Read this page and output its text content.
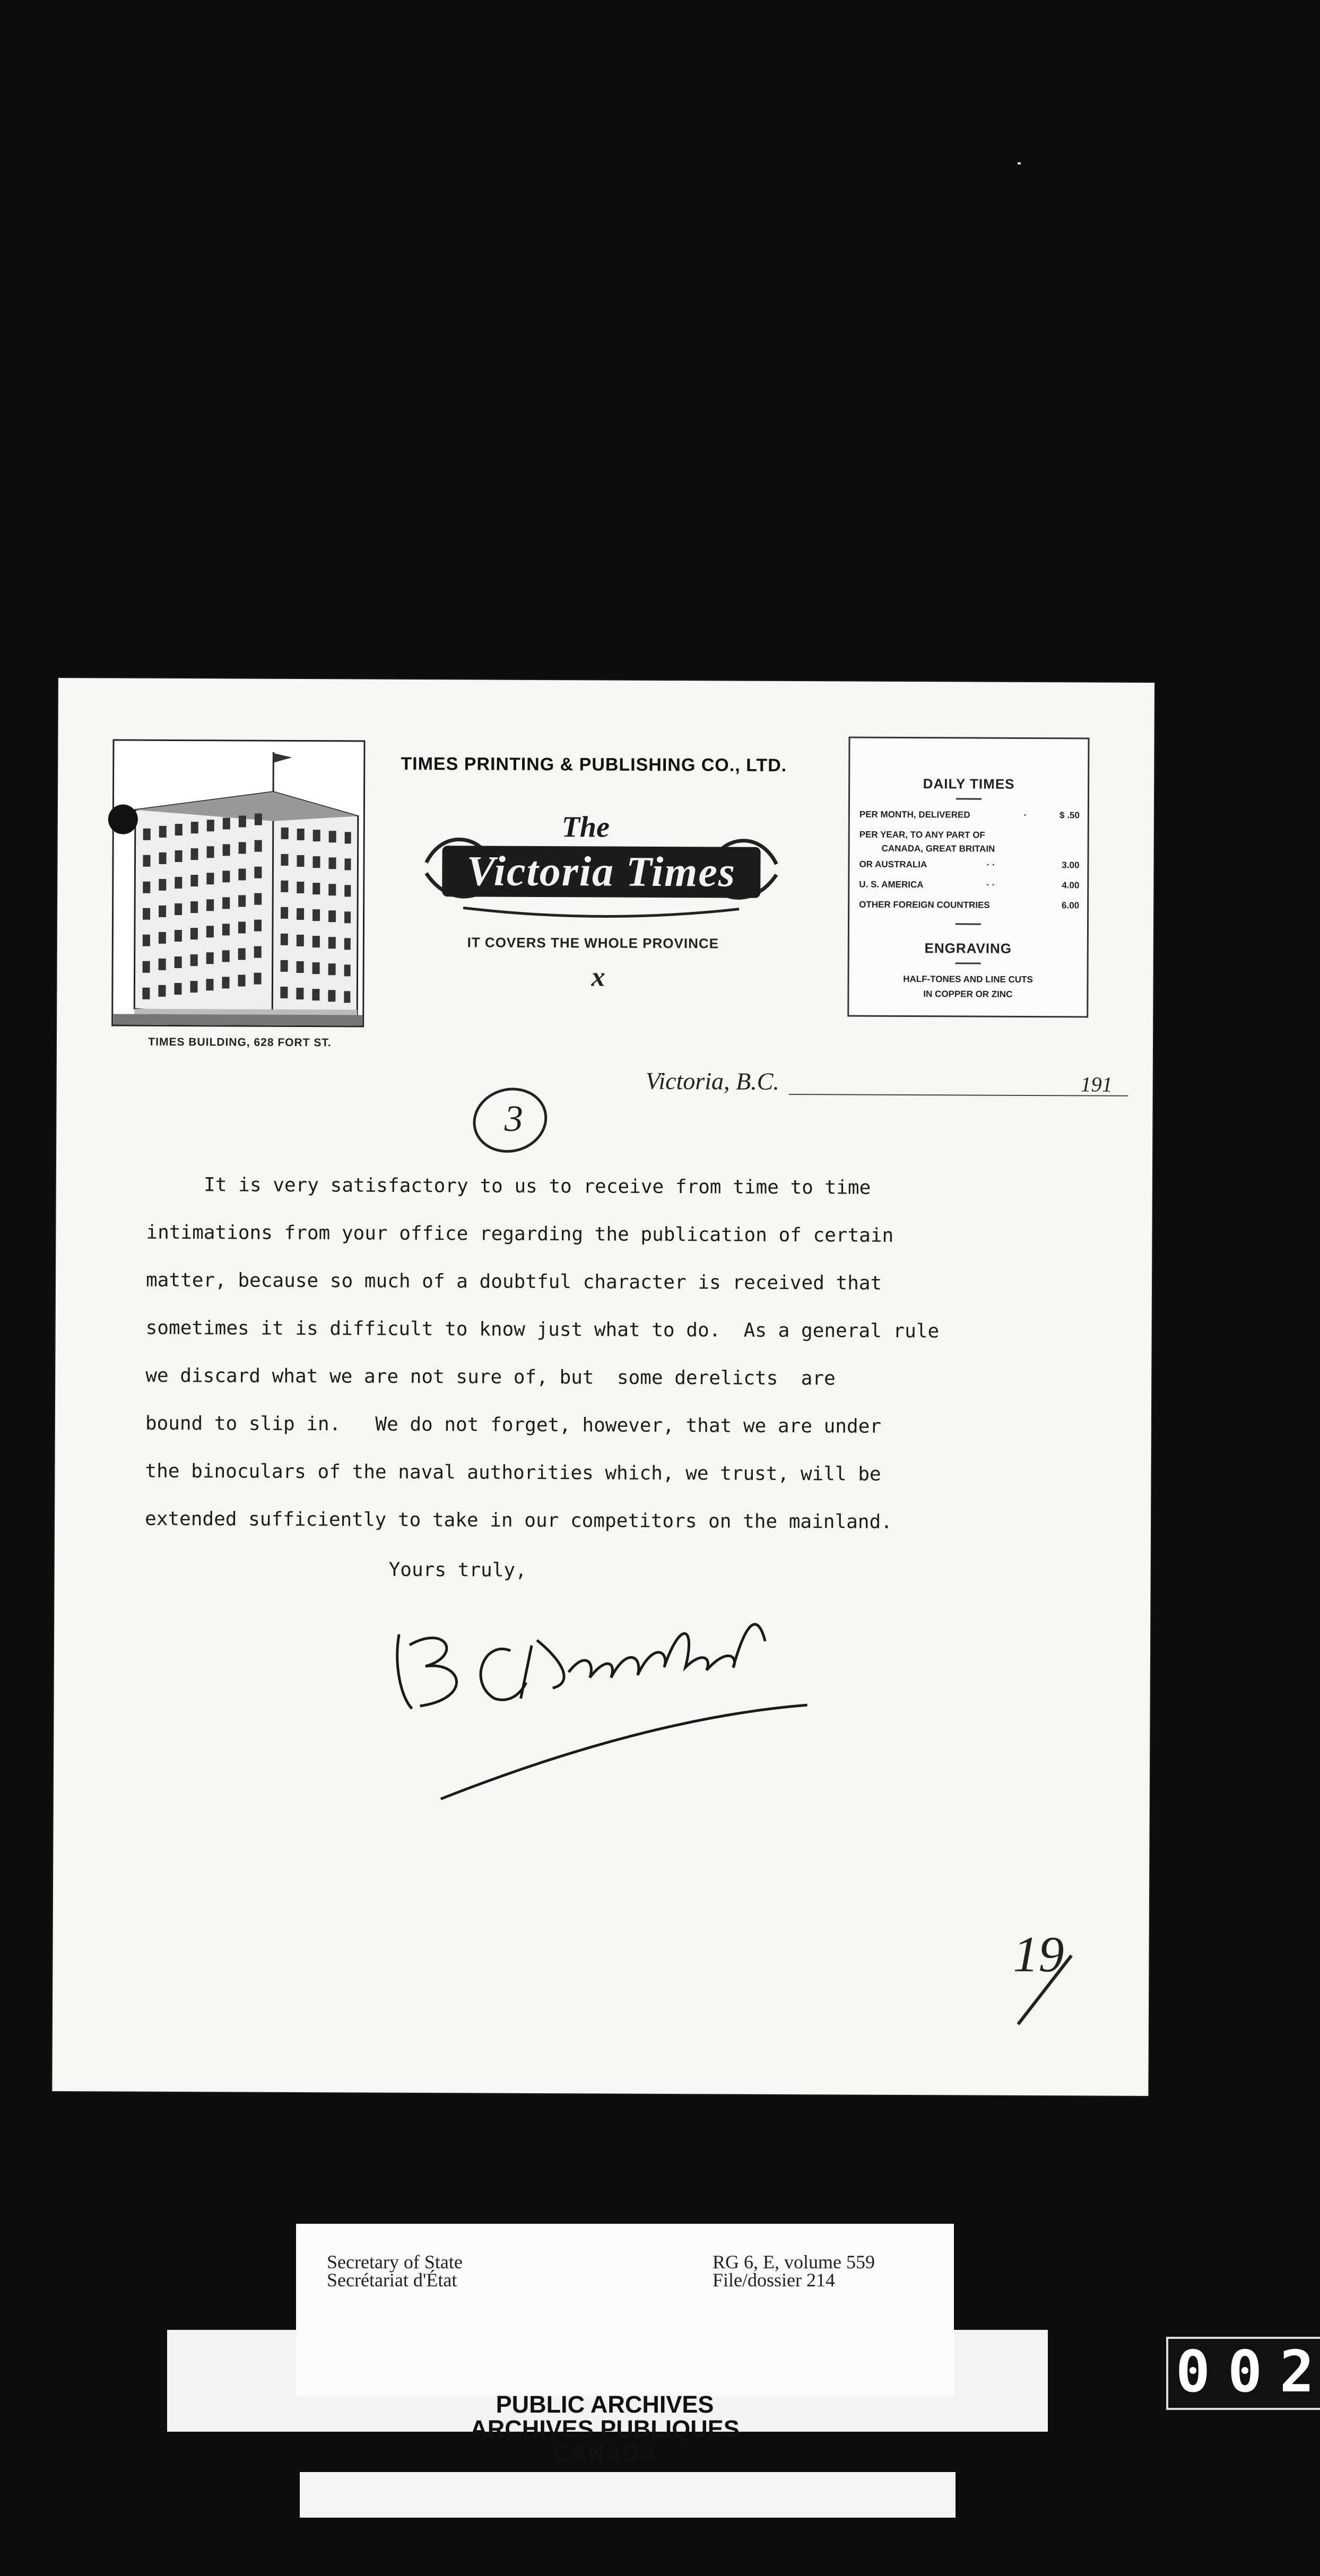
TIMES BUILDING, 628 FORT ST.
TIMES PRINTING & PUBLISHING CO., LTD.
The
Victoria Times
IT COVERS THE WHOLE PROVINCE
x
DAILY TIMES
PER MONTH, DELIVERED	·	$ .50
PER YEAR, TO ANY PART OF
CANADA, GREAT BRITAIN
OR AUSTRALIA	· ·	3.00
U. S. AMERICA	· ·	4.00
OTHER FOREIGN COUNTRIES	6.00
ENGRAVING
HALF-TONES AND LINE CUTS
IN COPPER OR ZINC
Victoria, B.C.	191
3
It is very satisfactory to us to receive from time to time
intimations from your office regarding the publication of certain
matter, because so much of a doubtful character is received that
sometimes it is difficult to know just what to do.  As a general rule
we discard what we are not sure of, but  some derelicts  are
bound to slip in.   We do not forget, however, that we are under
the binoculars of the naval authorities which, we trust, will be
extended sufficiently to take in our competitors on the mainland.
Yours truly,
19
Secretary of State
Secrétariat d'État
RG 6, E, volume 559
File/dossier 214
PUBLIC ARCHIVES
ARCHIVES PUBLIQUES
CANADA
0 0 2
